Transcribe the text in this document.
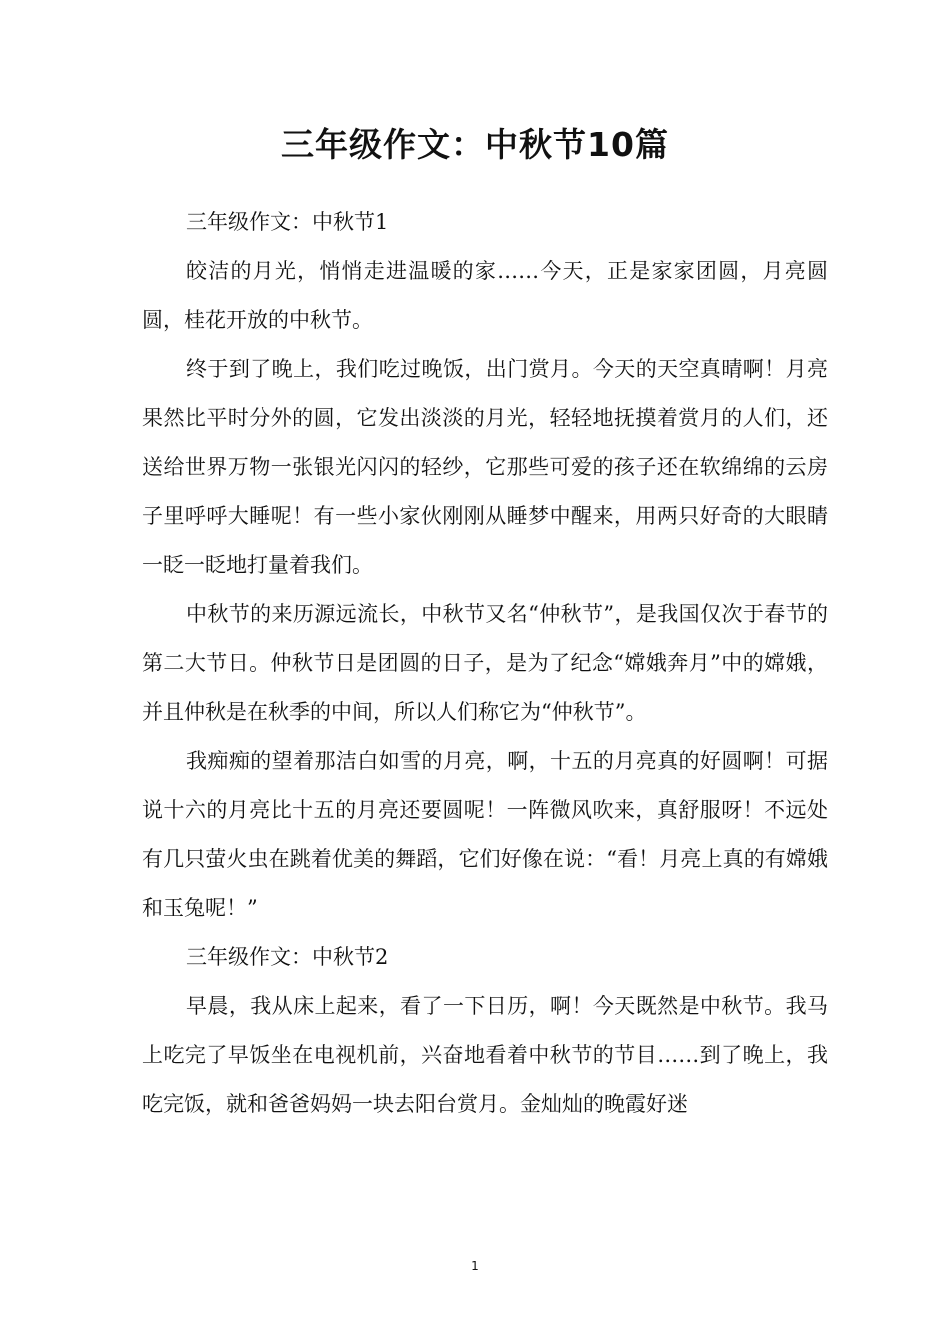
三年级作文：中秋节10篇

三年级作文：中秋节1

皎洁的月光，悄悄走进温暖的家……今天，正是家家团圆，月亮圆圆，桂花开放的中秋节。

终于到了晚上，我们吃过晚饭，出门赏月。今天的天空真晴啊！月亮果然比平时分外的圆，它发出淡淡的月光，轻轻地抚摸着赏月的人们，还送给世界万物一张银光闪闪的轻纱，它那些可爱的孩子还在软绵绵的云房子里呼呼大睡呢！有一些小家伙刚刚从睡梦中醒来，用两只好奇的大眼睛一眨一眨地打量着我们。

中秋节的来历源远流长，中秋节又名“仲秋节”，是我国仅次于春节的第二大节日。仲秋节日是团圆的日子，是为了纪念“嫦娥奔月”中的嫦娥，并且仲秋是在秋季的中间，所以人们称它为“仲秋节”。

我痴痴的望着那洁白如雪的月亮，啊，十五的月亮真的好圆啊！可据说十六的月亮比十五的月亮还要圆呢！一阵微风吹来，真舒服呀！不远处有几只萤火虫在跳着优美的舞蹈，它们好像在说：“看！月亮上真的有嫦娥和玉兔呢！”

三年级作文：中秋节2

早晨，我从床上起来，看了一下日历，啊！今天既然是中秋节。我马上吃完了早饭坐在电视机前，兴奋地看着中秋节的节目……到了晚上，我吃完饭，就和爸爸妈妈一块去阳台赏月。金灿灿的晚霞好迷

1
